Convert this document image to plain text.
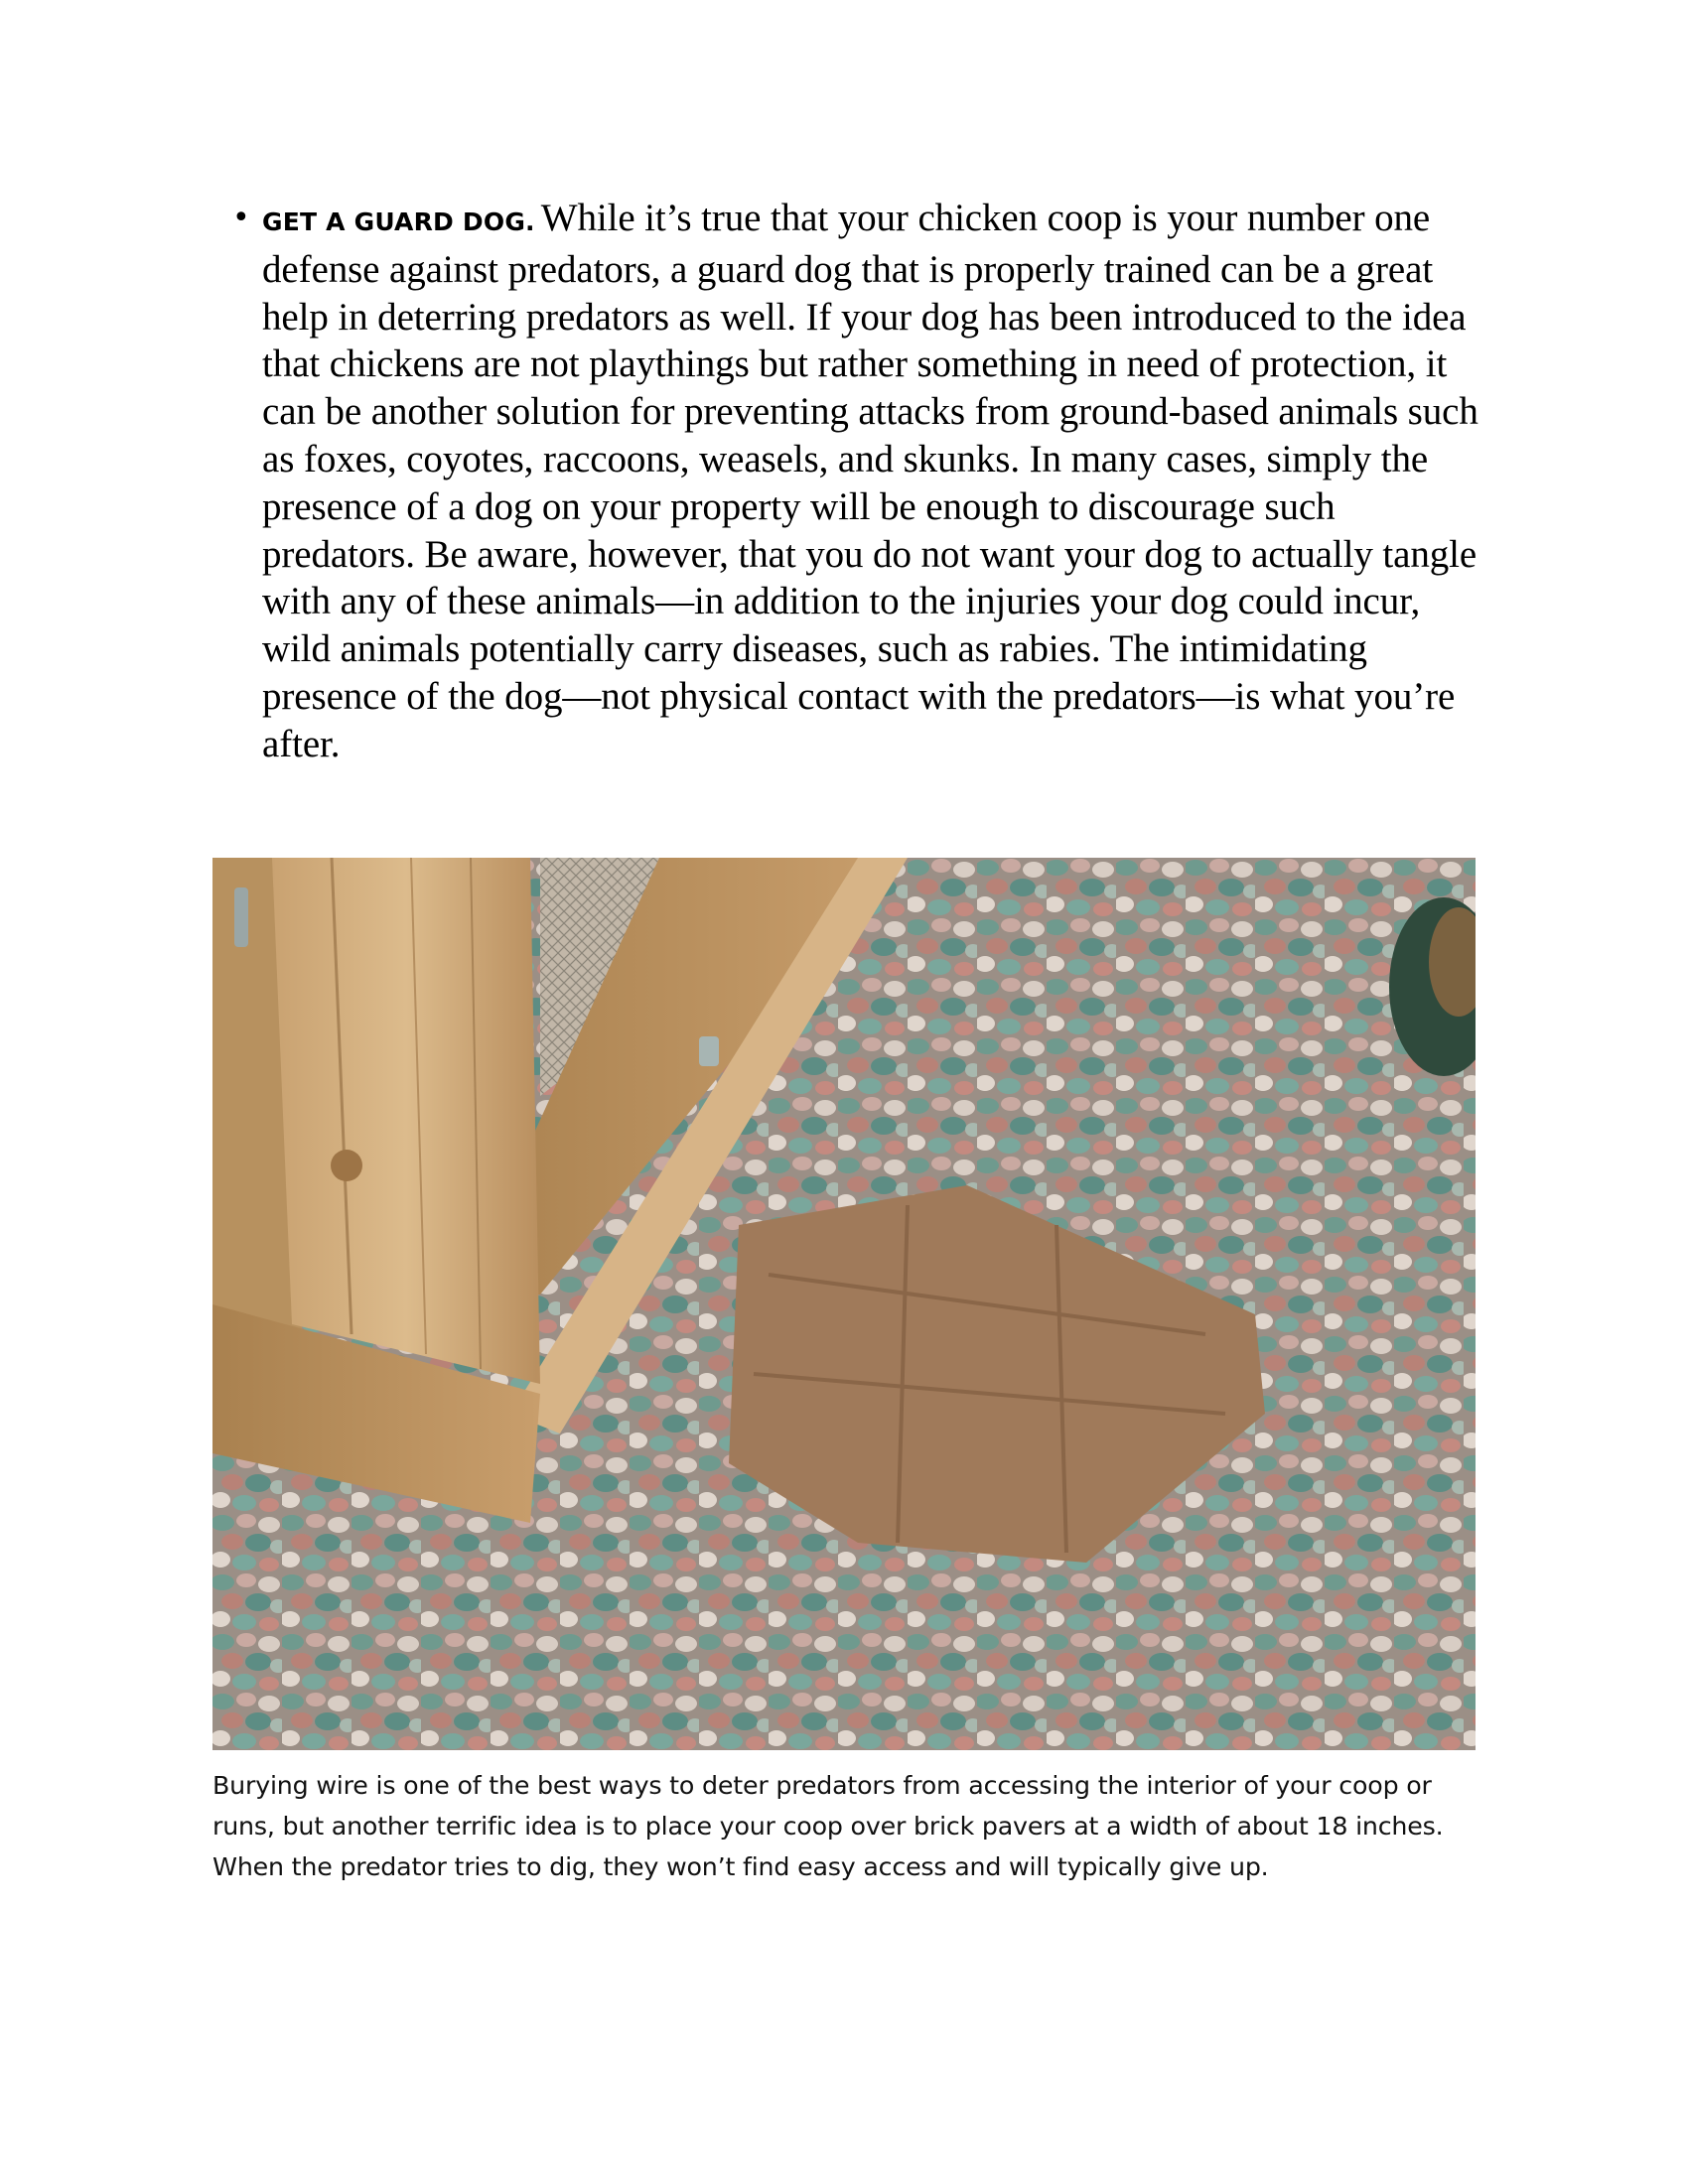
• GET A GUARD DOG. While it’s true that your chicken coop is your number one defense against predators, a guard dog that is properly trained can be a great help in deterring predators as well. If your dog has been introduced to the idea that chickens are not playthings but rather something in need of protection, it can be another solution for preventing attacks from ground-based animals such as foxes, coyotes, raccoons, weasels, and skunks. In many cases, simply the presence of a dog on your property will be enough to discourage such predators. Be aware, however, that you do not want your dog to actually tangle with any of these animals—in addition to the injuries your dog could incur, wild animals potentially carry diseases, such as rabies. The intimidating presence of the dog—not physical contact with the predators—is what you’re after.
Burying wire is one of the best ways to deter predators from accessing the interior of your coop or runs, but another terrific idea is to place your coop over brick pavers at a width of about 18 inches. When the predator tries to dig, they won’t find easy access and will typically give up.
